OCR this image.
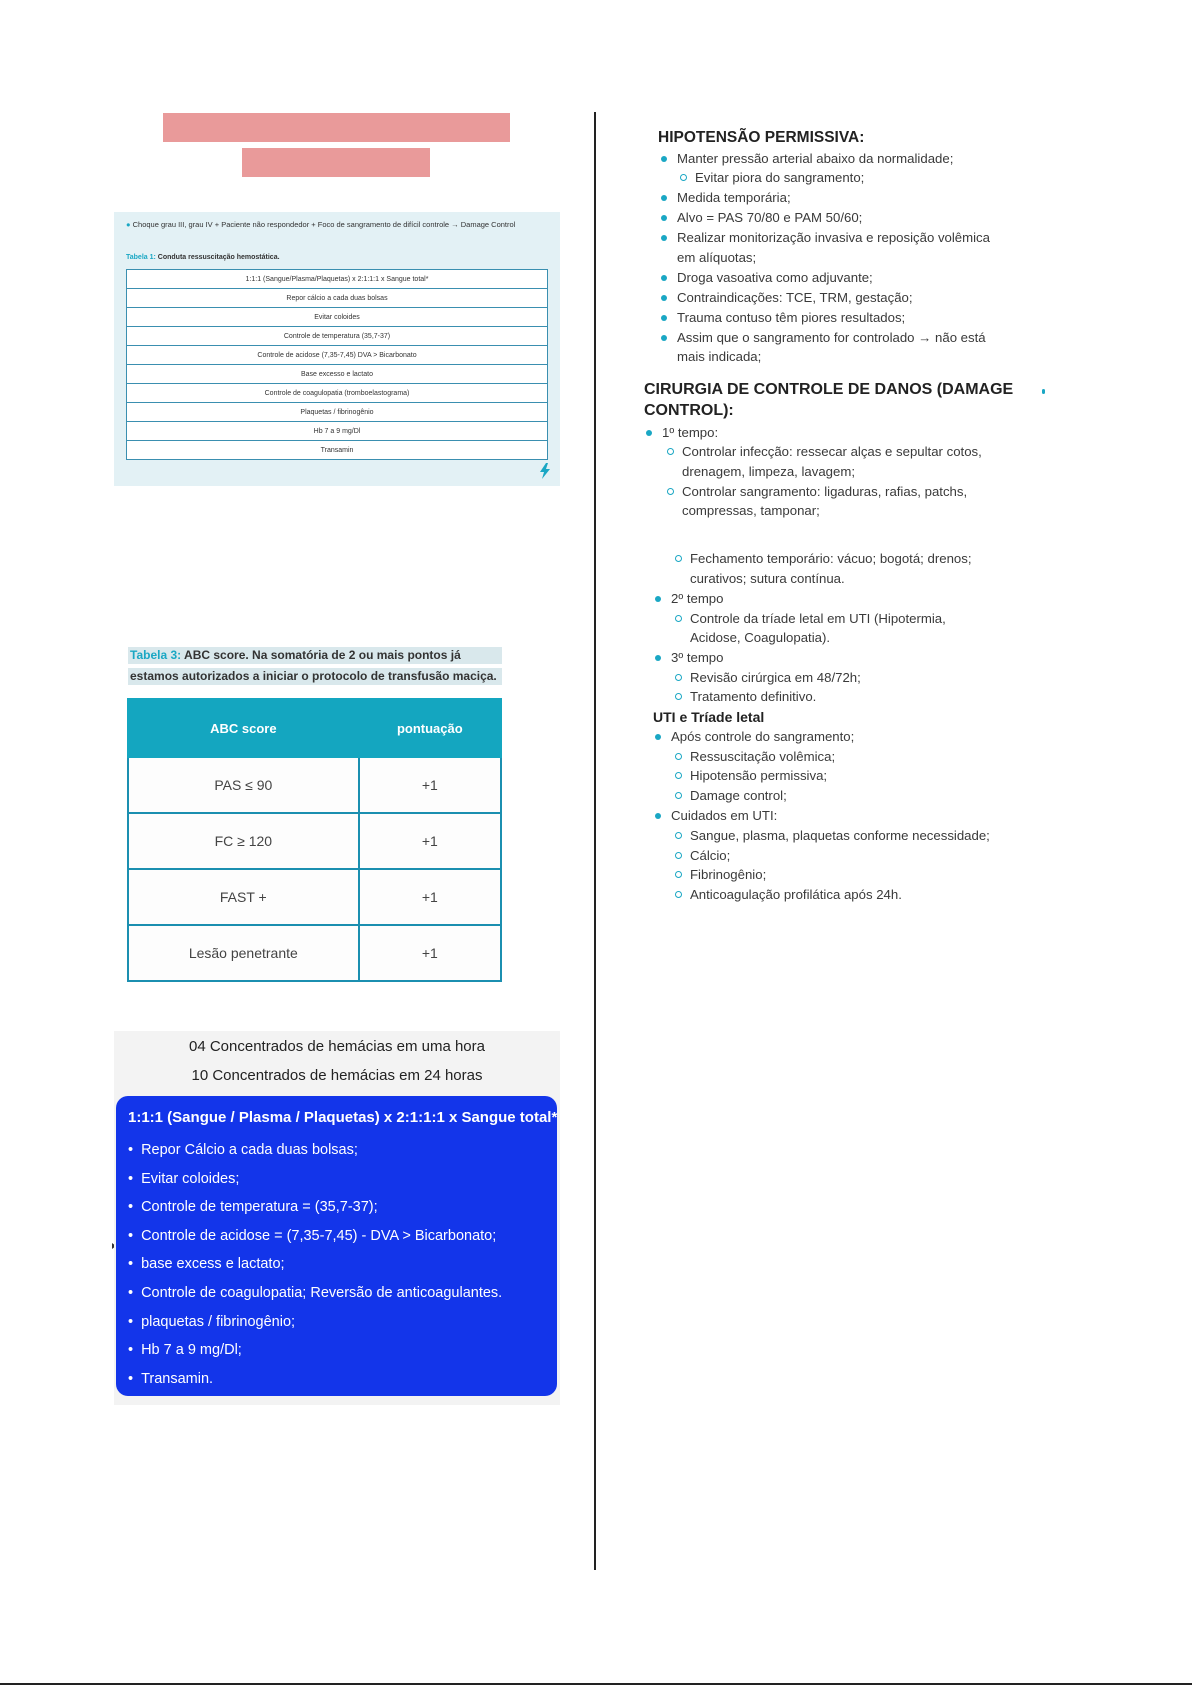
● Choque grau III, grau IV + Paciente não respondedor + Foco de sangramento de difícil controle → Damage Control
Tabela 1: Conduta ressuscitação hemostática.
1:1:1 (Sangue/Plasma/Plaquetas) x 2:1:1:1 x Sangue total*
Repor cálcio a cada duas bolsas
Evitar coloides
Controle de temperatura (35,7-37)
Controle de acidose (7,35-7,45) DVA > Bicarbonato
Base excesso e lactato
Controle de coagulopatia (tromboelastograma)
Plaquetas / fibrinogênio
Hb 7 a 9 mg/Dl
Transamin
Tabela 3: ABC score. Na somatória de 2 ou mais pontos já
estamos autorizados a iniciar o protocolo de transfusão maciça.
ABC score	pontuação
PAS ≤ 90	+1
FC ≥ 120	+1
FAST +	+1
Lesão penetrante	+1
04 Concentrados de hemácias em uma hora
10 Concentrados de hemácias em 24 horas
1:1:1 (Sangue / Plasma / Plaquetas) x 2:1:1:1 x Sangue total*
• Repor Cálcio a cada duas bolsas;
• Evitar coloides;
• Controle de temperatura = (35,7-37);
• Controle de acidose = (7,35-7,45) - DVA > Bicarbonato;
• base excess e lactato;
• Controle de coagulopatia; Reversão de anticoagulantes.
• plaquetas / fibrinogênio;
• Hb 7 a 9 mg/Dl;
• Transamin.
HIPOTENSÃO PERMISSIVA:
Manter pressão arterial abaixo da normalidade;
Evitar piora do sangramento;
Medida temporária;
Alvo = PAS 70/80 e PAM 50/60;
Realizar monitorização invasiva e reposição volêmica
em alíquotas;
Droga vasoativa como adjuvante;
Contraindicações: TCE, TRM, gestação;
Trauma contuso têm piores resultados;
Assim que o sangramento for controlado → não está
mais indicada;
CIRURGIA DE CONTROLE DE DANOS (DAMAGE
CONTROL):
1º tempo:
Controlar infecção: ressecar alças e sepultar cotos,
drenagem, limpeza, lavagem;
Controlar sangramento: ligaduras, rafias, patchs,
compressas, tamponar;
Fechamento temporário: vácuo; bogotá; drenos;
curativos; sutura contínua.
2º tempo
Controle da tríade letal em UTI (Hipotermia,
Acidose, Coagulopatia).
3º tempo
Revisão cirúrgica em 48/72h;
Tratamento definitivo.
UTI e Tríade letal
Após controle do sangramento;
Ressuscitação volêmica;
Hipotensão permissiva;
Damage control;
Cuidados em UTI:
Sangue, plasma, plaquetas conforme necessidade;
Cálcio;
Fibrinogênio;
Anticoagulação profilática após 24h.
